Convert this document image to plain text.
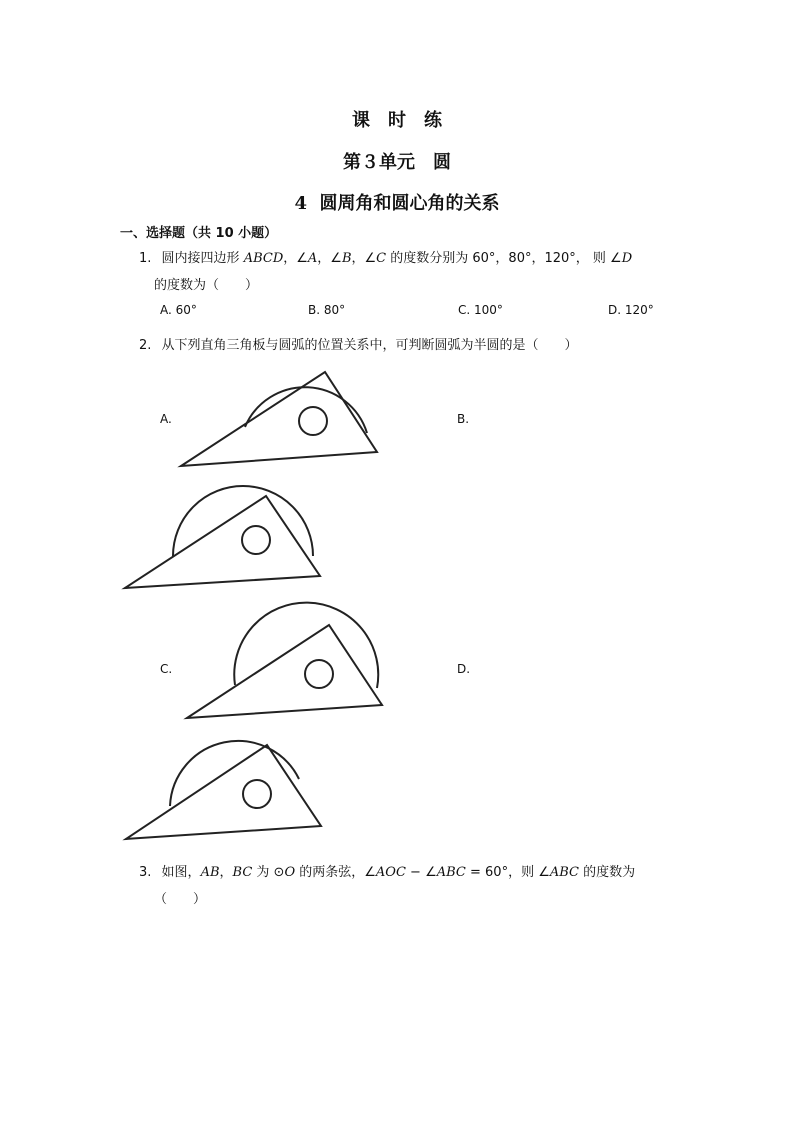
课　时　练
第３单元　圆
4  圆周角和圆心角的关系
一、选择题（共 10 小题）
1. 圆内接四边形 ABCD，∠A，∠B，∠C 的度数分别为 60°，80°，120°， 则 ∠D
的度数为（　　）
A. 60°	B. 80°	C. 100°	D. 120°
2. 从下列直角三角板与圆弧的位置关系中，可判断圆弧为半圆的是（　　）
A.	B.
C.	D.
3. 如图，AB，BC 为 ⊙O 的两条弦，∠AOC − ∠ABC = 60°，则 ∠ABC 的度数为
（　　）
